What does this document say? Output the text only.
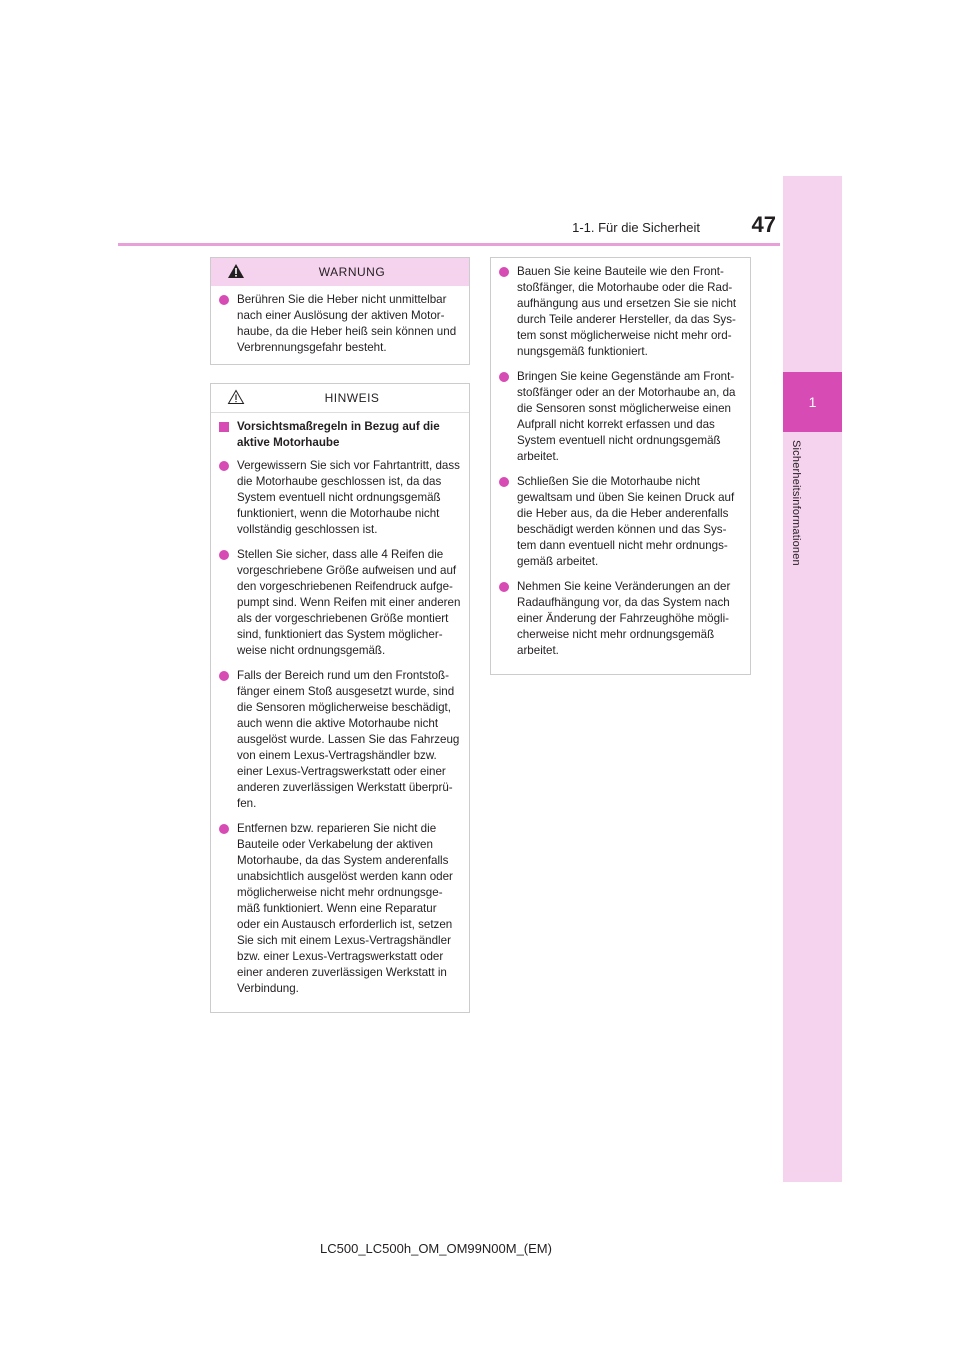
1-1. Für die Sicherheit	47
1
Sicherheitsinformationen
WARNUNG
Berühren Sie die Heber nicht unmittelbar nach einer Auslösung der aktiven Motor-haube, da die Heber heiß sein können und Verbrennungsgefahr besteht.
HINWEIS
Vorsichtsmaßregeln in Bezug auf die aktive Motorhaube
Vergewissern Sie sich vor Fahrtantritt, dass die Motorhaube geschlossen ist, da das System eventuell nicht ordnungsgemäß funktioniert, wenn die Motorhaube nicht vollständig geschlossen ist.
Stellen Sie sicher, dass alle 4 Reifen die vorgeschriebene Größe aufweisen und auf den vorgeschriebenen Reifendruck aufge-pumpt sind. Wenn Reifen mit einer anderen als der vorgeschriebenen Größe montiert sind, funktioniert das System möglicher-weise nicht ordnungsgemäß.
Falls der Bereich rund um den Frontstoß-fänger einem Stoß ausgesetzt wurde, sind die Sensoren möglicherweise beschädigt, auch wenn die aktive Motorhaube nicht ausgelöst wurde. Lassen Sie das Fahrzeug von einem Lexus-Vertragshändler bzw. einer Lexus-Vertragswerkstatt oder einer anderen zuverlässigen Werkstatt überprü-fen.
Entfernen bzw. reparieren Sie nicht die Bauteile oder Verkabelung der aktiven Motorhaube, da das System anderenfalls unabsichtlich ausgelöst werden kann oder möglicherweise nicht mehr ordnungsge-mäß funktioniert. Wenn eine Reparatur oder ein Austausch erforderlich ist, setzen Sie sich mit einem Lexus-Vertragshändler bzw. einer Lexus-Vertragswerkstatt oder einer anderen zuverlässigen Werkstatt in Verbindung.
Bauen Sie keine Bauteile wie den Front-stoßfänger, die Motorhaube oder die Rad-aufhängung aus und ersetzen Sie sie nicht durch Teile anderer Hersteller, da das Sys-tem sonst möglicherweise nicht mehr ord-nungsgemäß funktioniert.
Bringen Sie keine Gegenstände am Front-stoßfänger oder an der Motorhaube an, da die Sensoren sonst möglicherweise einen Aufprall nicht korrekt erfassen und das System eventuell nicht ordnungsgemäß arbeitet.
Schließen Sie die Motorhaube nicht gewaltsam und üben Sie keinen Druck auf die Heber aus, da die Heber anderenfalls beschädigt werden können und das Sys-tem dann eventuell nicht mehr ordnungs-gemäß arbeitet.
Nehmen Sie keine Veränderungen an der Radaufhängung vor, da das System nach einer Änderung der Fahrzeughöhe mögli-cherweise nicht mehr ordnungsgemäß arbeitet.
LC500_LC500h_OM_OM99N00M_(EM)
